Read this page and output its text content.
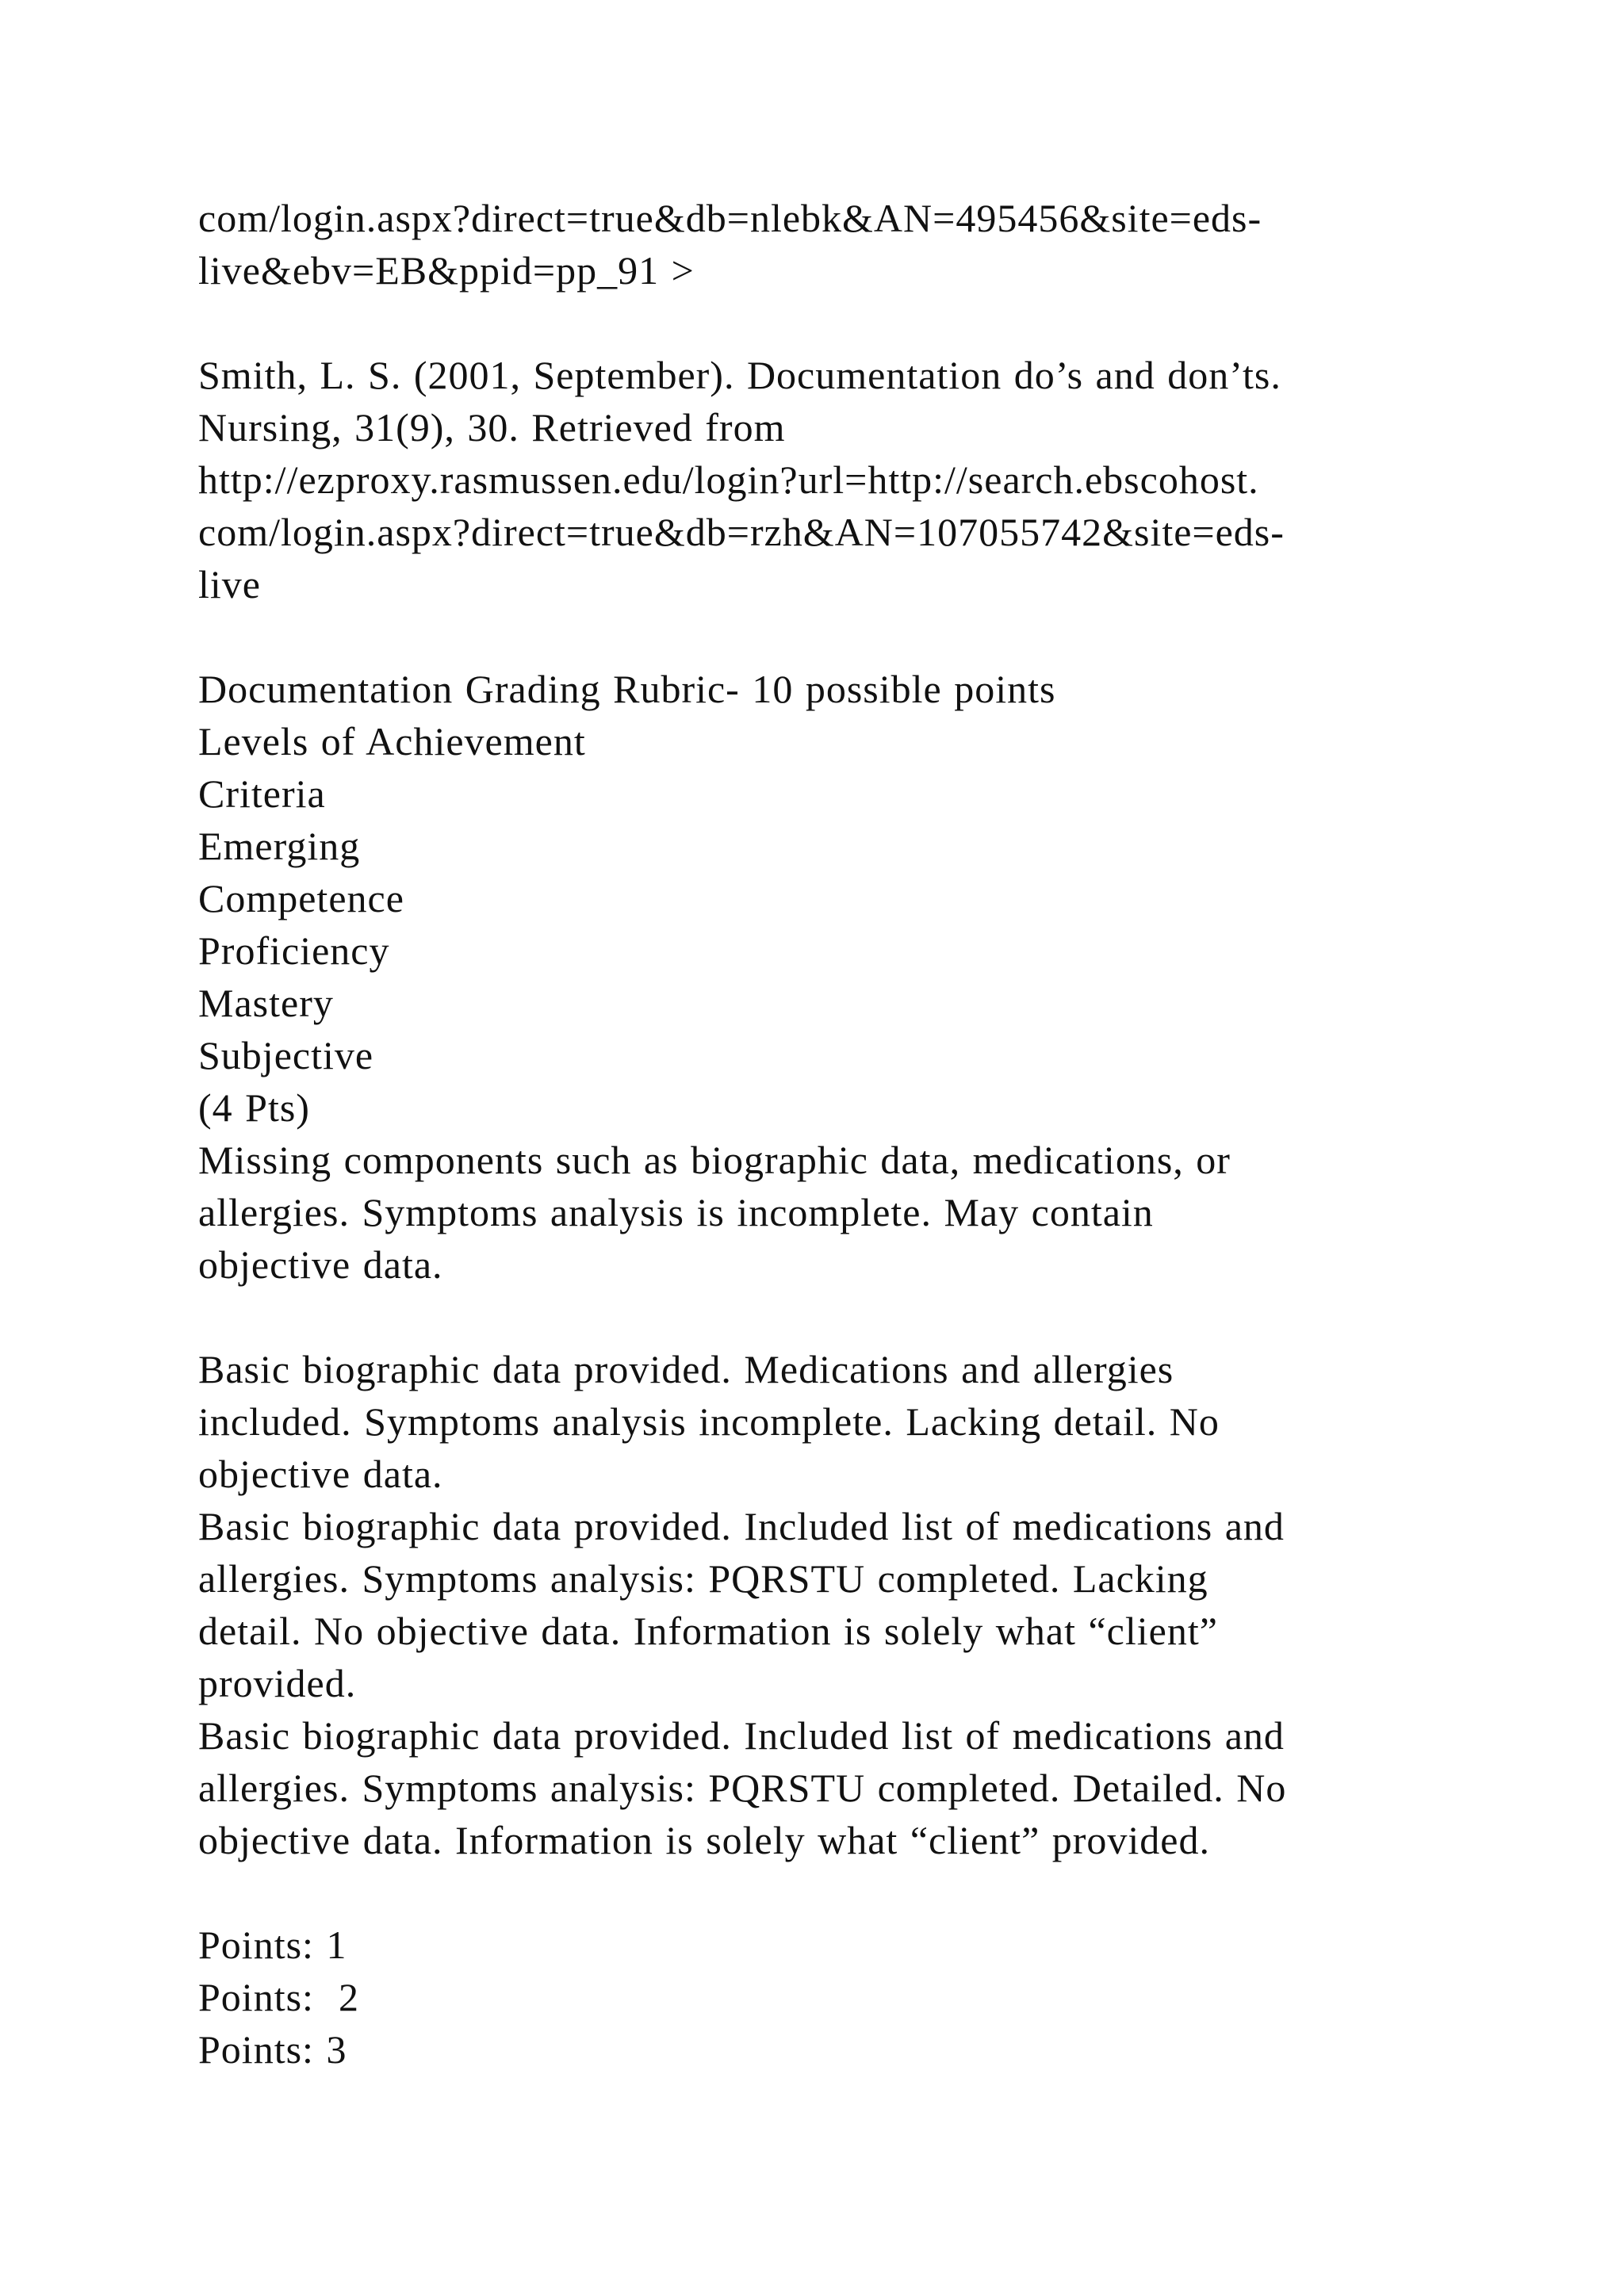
com/login.aspx?direct=true&db=nlebk&AN=495456&site=eds-
live&ebv=EB&ppid=pp_91 >
Smith, L. S. (2001, September). Documentation do’s and don’ts.
Nursing, 31(9), 30. Retrieved from
http://ezproxy.rasmussen.edu/login?url=http://search.ebscohost.
com/login.aspx?direct=true&db=rzh&AN=107055742&site=eds-
live
Documentation Grading Rubric- 10 possible points
Levels of Achievement
Criteria
Emerging
Competence
Proficiency
Mastery
Subjective
(4 Pts)
Missing components such as biographic data, medications, or
allergies. Symptoms analysis is incomplete. May contain
objective data.
Basic biographic data provided. Medications and allergies
included. Symptoms analysis incomplete. Lacking detail. No
objective data.
Basic biographic data provided. Included list of medications and
allergies. Symptoms analysis: PQRSTU completed. Lacking
detail. No objective data. Information is solely what “client”
provided.
Basic biographic data provided. Included list of medications and
allergies. Symptoms analysis: PQRSTU completed. Detailed. No
objective data. Information is solely what “client” provided.
Points: 1
Points:  2
Points: 3
